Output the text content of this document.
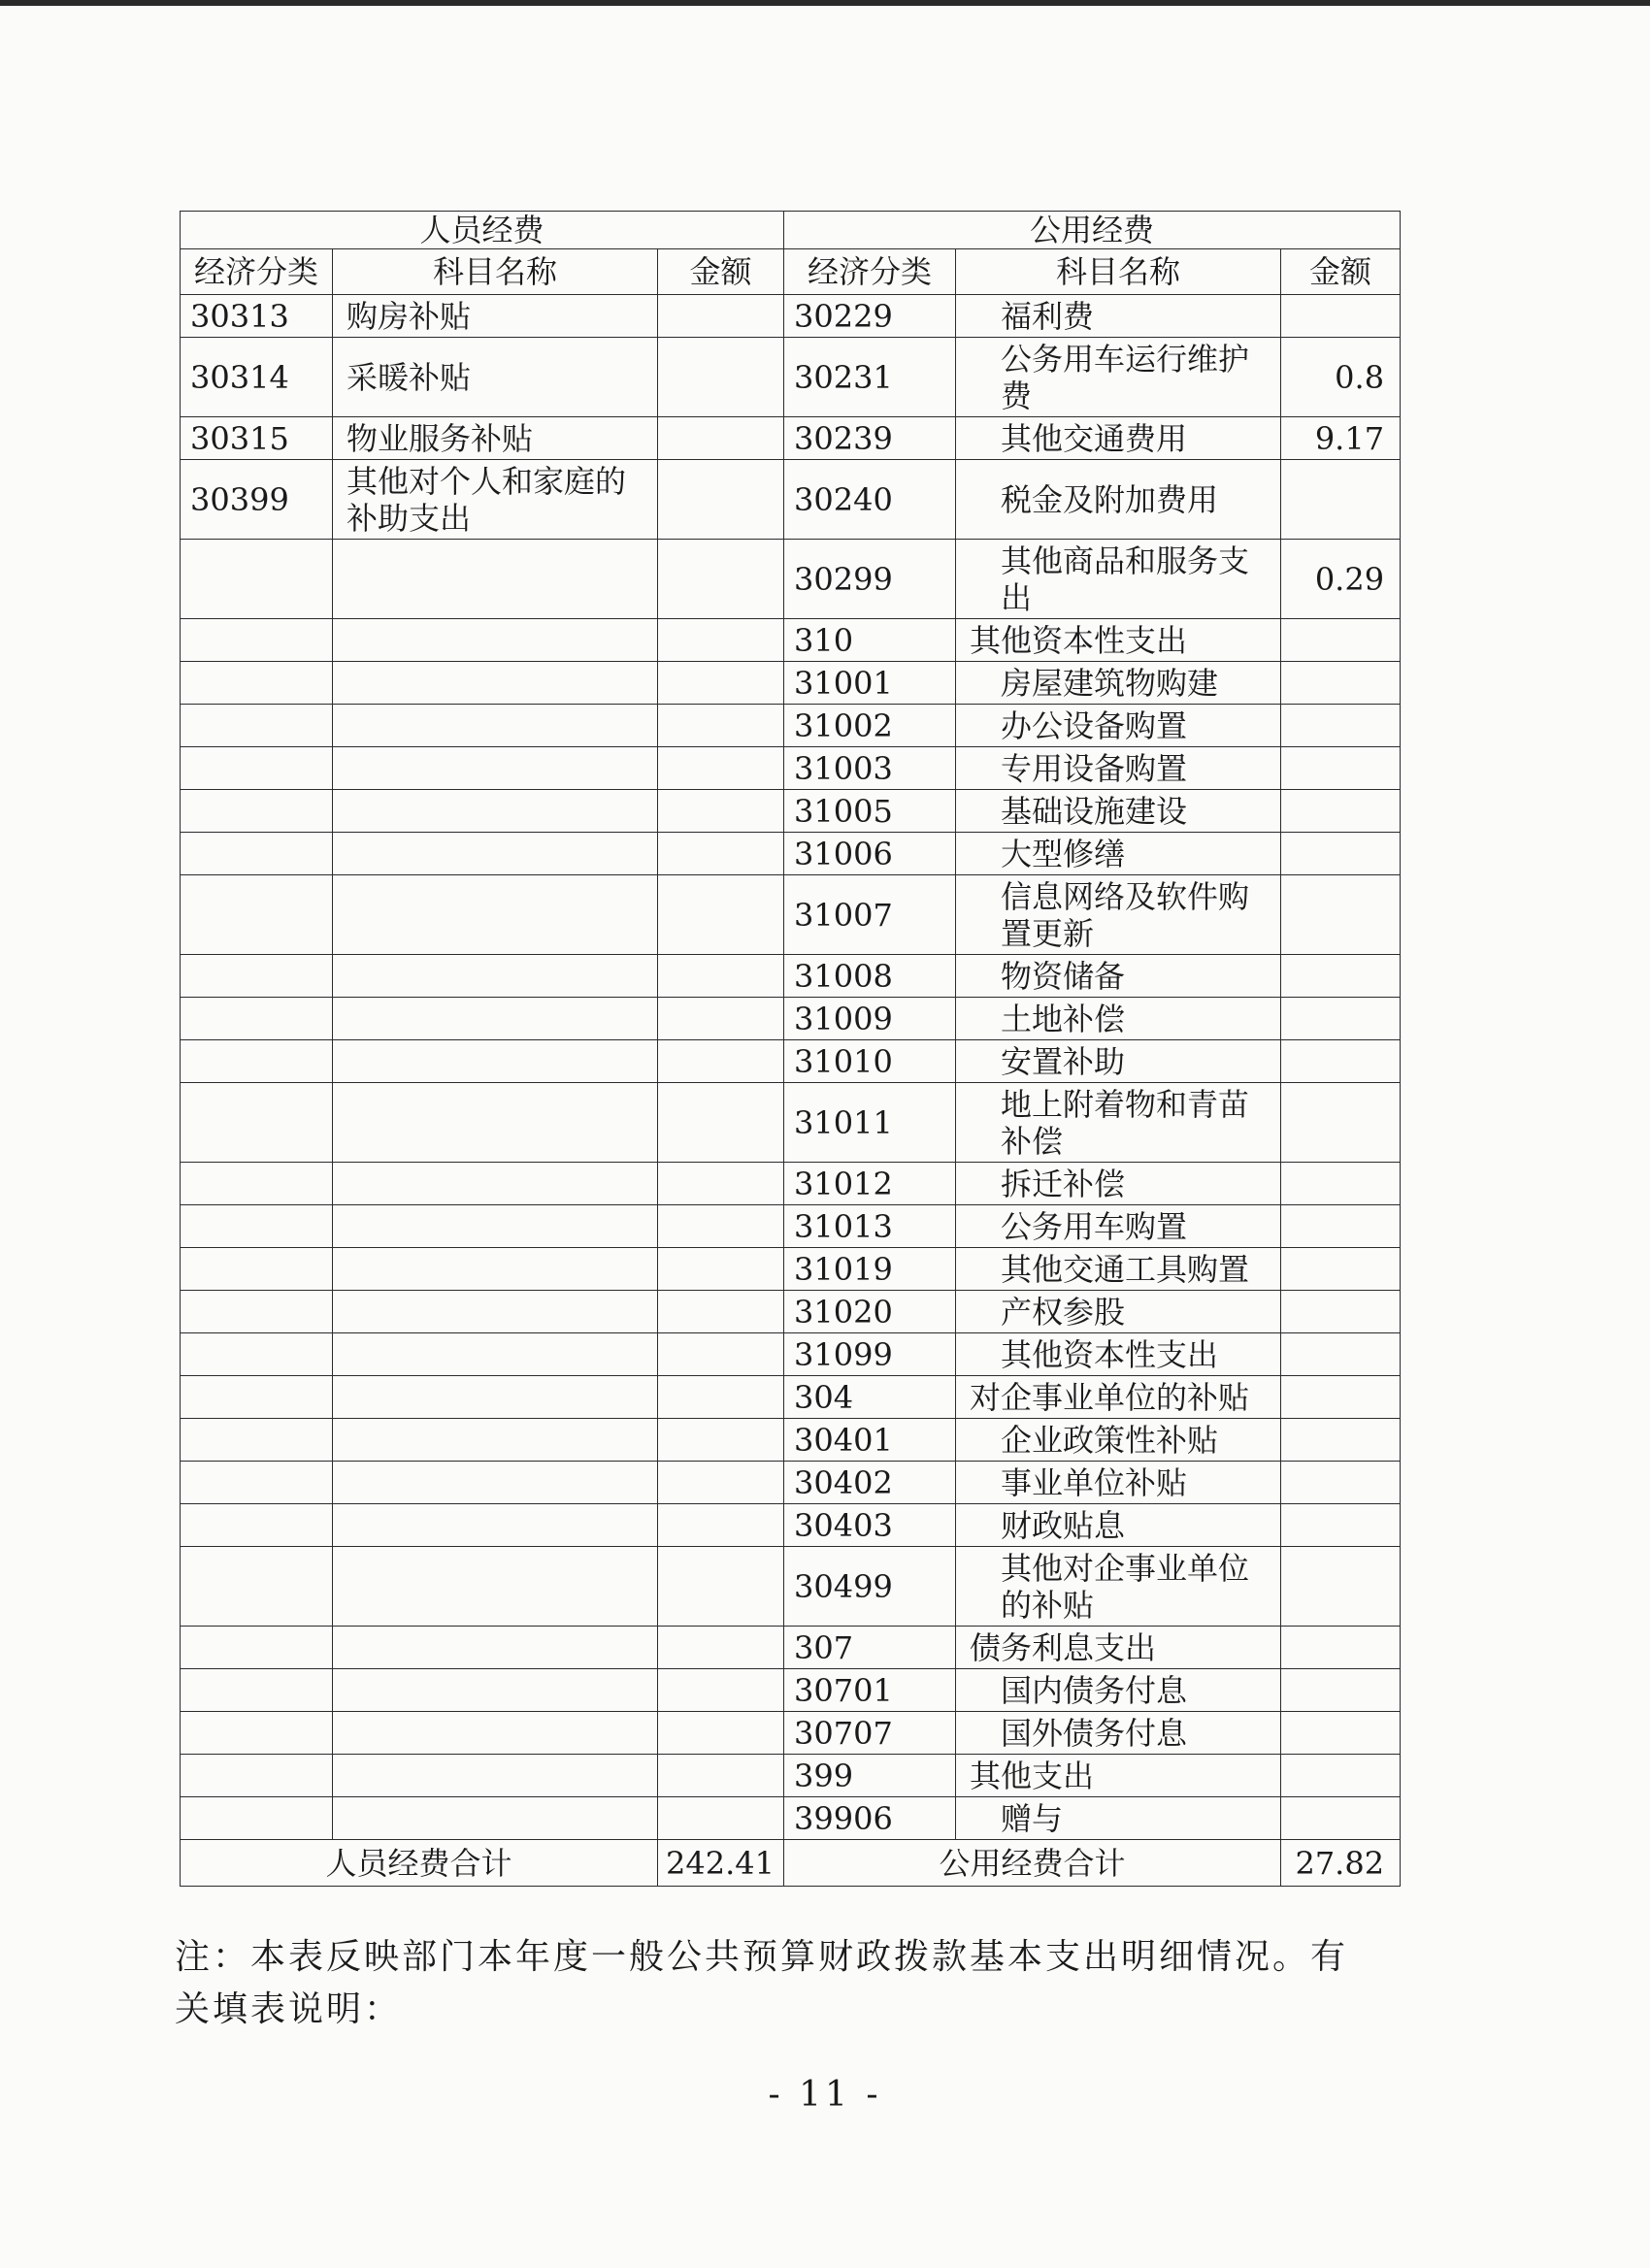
人员经费			公用经费		
经济分类	科目名称	金额	经济分类	科目名称	金额
30313	购房补贴		30229	福利费	
30314	采暖补贴		30231	公务用车运行维护费	0.8
30315	物业服务补贴		30239	其他交通费用	9.17
30399	其他对个人和家庭的补助支出		30240	税金及附加费用	
			30299	其他商品和服务支出	0.29
			310	其他资本性支出	
			31001	房屋建筑物购建	
			31002	办公设备购置	
			31003	专用设备购置	
			31005	基础设施建设	
			31006	大型修缮	
			31007	信息网络及软件购置更新	
			31008	物资储备	
			31009	土地补偿	
			31010	安置补助	
			31011	地上附着物和青苗补偿	
			31012	拆迁补偿	
			31013	公务用车购置	
			31019	其他交通工具购置	
			31020	产权参股	
			31099	其他资本性支出	
			304	对企事业单位的补贴	
			30401	企业政策性补贴	
			30402	事业单位补贴	
			30403	财政贴息	
			30499	其他对企事业单位的补贴	
			307	债务利息支出	
			30701	国内债务付息	
			30707	国外债务付息	
			399	其他支出	
			39906	赠与	
人员经费合计		242.41	公用经费合计		27.82
注：本表反映部门本年度一般公共预算财政拨款基本支出明细情况。有关填表说明：
- 11 -
